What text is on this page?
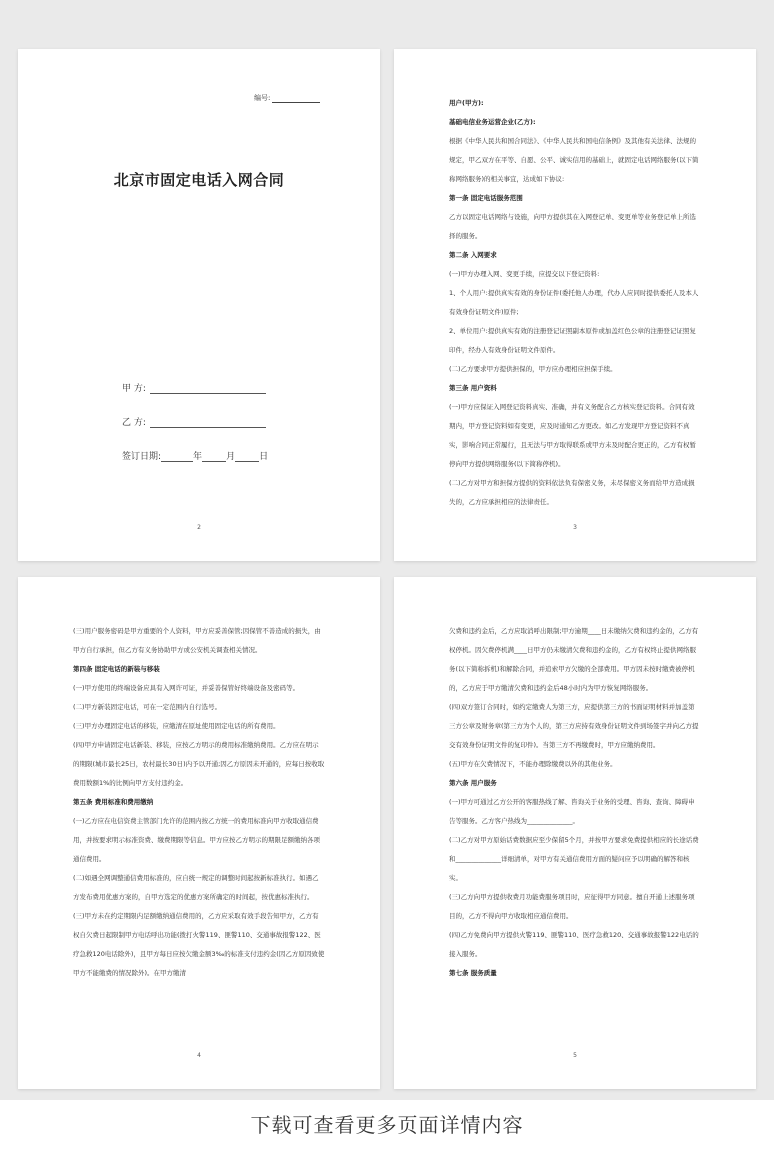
编号:
北京市固定电话入网合同
甲 方:
乙 方:
签订日期:	年	月	日
2

用户(甲方):

基础电信业务运营企业(乙方):

根据《中华人民共和国合同法》、《中华人民共和国电信条例》及其他有关法律、法规的规定，甲乙双方在平等、自愿、公平、诚实信用的基础上，就固定电话网络服务(以下简称网络服务)的相关事宜，达成如下协议:

第一条 固定电话服务范围

乙方以固定电话网络与设施，向甲方提供其在入网登记单、变更单等业务登记单上所选择的服务。

第二条 入网要求

(一)甲方办理入网、变更手续，应提交以下登记资料:

1、个人用户:提供真实有效的身份证件(委托他人办理，代办人应同时提供委托人及本人有效身份证明文件)原件;

2、单位用户:提供真实有效的注册登记证照副本原件或加盖红色公章的注册登记证照复印件，经办人有效身份证明文件原件。

(二)乙方要求甲方提供担保的，甲方应办理相应担保手续。

第三条 用户资料

(一)甲方应保证入网登记资料真实、准确，并有义务配合乙方核实登记资料。合同有效期内，甲方登记资料如有变更，应及时通知乙方更改。如乙方发现甲方登记资料不真实，影响合同正常履行，且无法与甲方取得联系或甲方未及时配合更正的，乙方有权暂停向甲方提供网络服务(以下简称停机)。

(二)乙方对甲方和担保方提供的资料依法负有保密义务，未尽保密义务而给甲方造成损失的，乙方应承担相应的法律责任。

3

(三)用户服务密码是甲方重要的个人资料，甲方应妥善保管;因保管不善造成的损失，由甲方自行承担，但乙方有义务协助甲方或公安机关调查相关情况。

第四条 固定电话的新装与移装

(一)甲方使用的终端设备应具有入网许可证，并妥善保管好终端设备及密码等。

(二)甲方新装固定电话，可在一定范围内自行选号。

(三)甲方办理固定电话的移装，应缴清在原址使用固定电话的所有费用。

(四)甲方申请固定电话新装、移装，应按乙方明示的费用标准缴纳费用。乙方应在明示的期限(城市最长25日，农村最长30日)内予以开通;因乙方原因未开通的，应每日按收取费用数额1%的比例向甲方支付违约金。

第五条 费用标准和费用缴纳

(一)乙方应在电信资费主管部门允许的范围内按乙方统一的费用标准向甲方收取通信费用，并按要求明示标准资费、缴费期限等信息。甲方应按乙方明示的期限足额缴纳各项通信费用。

(二)如遇全网调整通信费用标准的，应自统一规定的调整时间起按新标准执行。如遇乙方发布费用优惠方案的，自甲方选定的优惠方案所确定的时间起，按优惠标准执行。

(三)甲方未在约定期限内足额缴纳通信费用的，乙方应采取有效手段告知甲方，乙方有权自欠费日起限制甲方电话呼出功能(拨打火警119、匪警110、交通事故报警122、医疗急救120电话除外)，且甲方每日应按欠缴金额3‰的标准支付违约金(因乙方原因致使甲方不能缴费的情况除外)。在甲方缴清

4

欠费和违约金后，乙方应取消呼出限制;甲方逾期____日未缴纳欠费和违约金的，乙方有权停机。因欠费停机满____日甲方仍未缴清欠费和违约金的，乙方有权终止提供网络服务(以下简称拆机)和解除合同，并追索甲方欠缴的全部费用。甲方因未按时缴费被停机的，乙方应于甲方缴清欠费和违约金后48小时内为甲方恢复网络服务。

(四)双方签订合同时，如约定缴费人为第三方，应提供第三方的书面证明材料并加盖第三方公章及财务章(第三方为个人的，第三方应持有效身份证明文件到场签字并向乙方提交有效身份证明文件的复印件)。当第三方不再缴费时，甲方应缴纳费用。

(五)甲方在欠费情况下，不能办理除缴费以外的其他业务。

第六条 用户服务

(一)甲方可通过乙方公开的客服热线了解、咨询关于业务的受理、咨询、查询、障碍申告等服务。乙方客户热线为______________。

(二)乙方对甲方原始话费数据应至少保留5个月，并按甲方要求免费提供相应的长途话费和______________详细清单，对甲方有关通信费用方面的疑问应予以明确的解答和核实。

(三)乙方向甲方提供收费月功能费服务项目时，应征得甲方同意。擅自开通上述服务项目的，乙方不得向甲方收取相应通信费用。

(四)乙方免费向甲方提供火警119、匪警110、医疗急救120、交通事故报警122电话的接入服务。

第七条 服务质量

5
下载可查看更多页面详情内容
